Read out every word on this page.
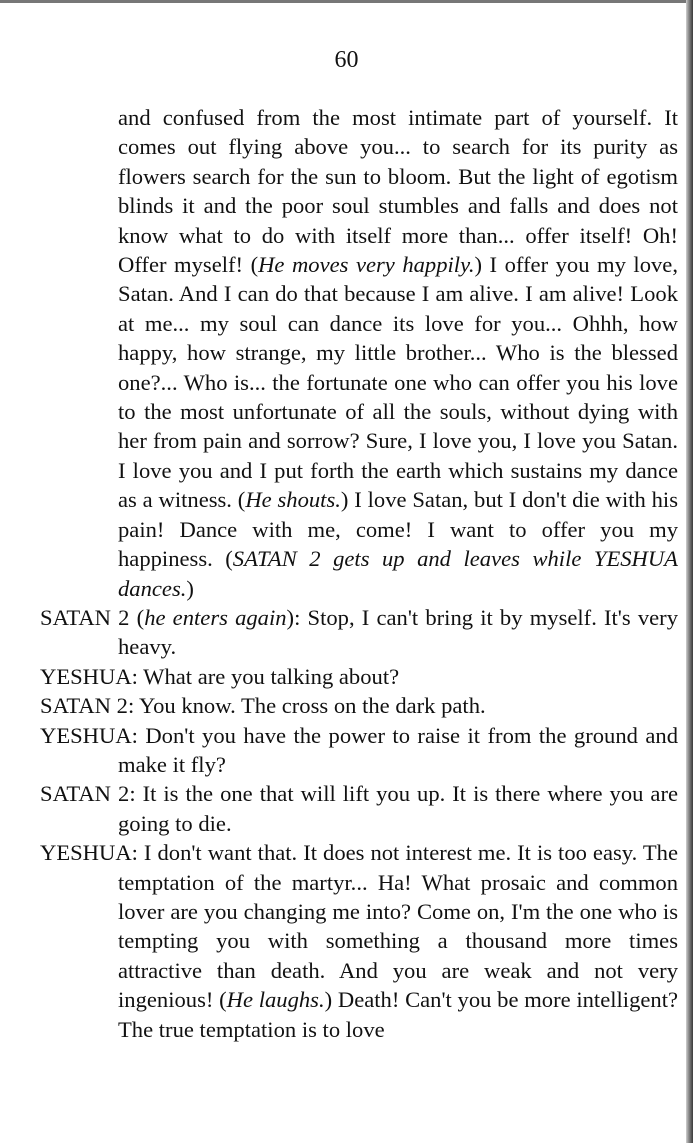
60

and confused from the most intimate part of yourself. It comes out flying above you... to search for its purity as flowers search for the sun to bloom. But the light of egotism blinds it and the poor soul stumbles and falls and does not know what to do with itself more than... offer itself! Oh! Offer myself! (He moves very happily.) I offer you my love, Satan. And I can do that because I am alive. I am alive! Look at me... my soul can dance its love for you... Ohhh, how happy, how strange, my little brother... Who is the blessed one?... Who is... the fortunate one who can offer you his love to the most unfortunate of all the souls, without dying with her from pain and sorrow? Sure, I love you, I love you Satan. I love you and I put forth the earth which sustains my dance as a witness. (He shouts.) I love Satan, but I don't die with his pain! Dance with me, come! I want to offer you my happiness. (SATAN 2 gets up and leaves while YESHUA dances.)

SATAN 2 (he enters again): Stop, I can't bring it by myself. It's very heavy.

YESHUA: What are you talking about?

SATAN 2: You know. The cross on the dark path.

YESHUA: Don't you have the power to raise it from the ground and make it fly?

SATAN 2: It is the one that will lift you up. It is there where you are going to die.

YESHUA: I don't want that. It does not interest me. It is too easy. The temptation of the martyr... Ha! What prosaic and common lover are you changing me into? Come on, I'm the one who is tempting you with something a thousand more times attractive than death. And you are weak and not very ingenious! (He laughs.) Death! Can't you be more intelligent? The true temptation is to love
